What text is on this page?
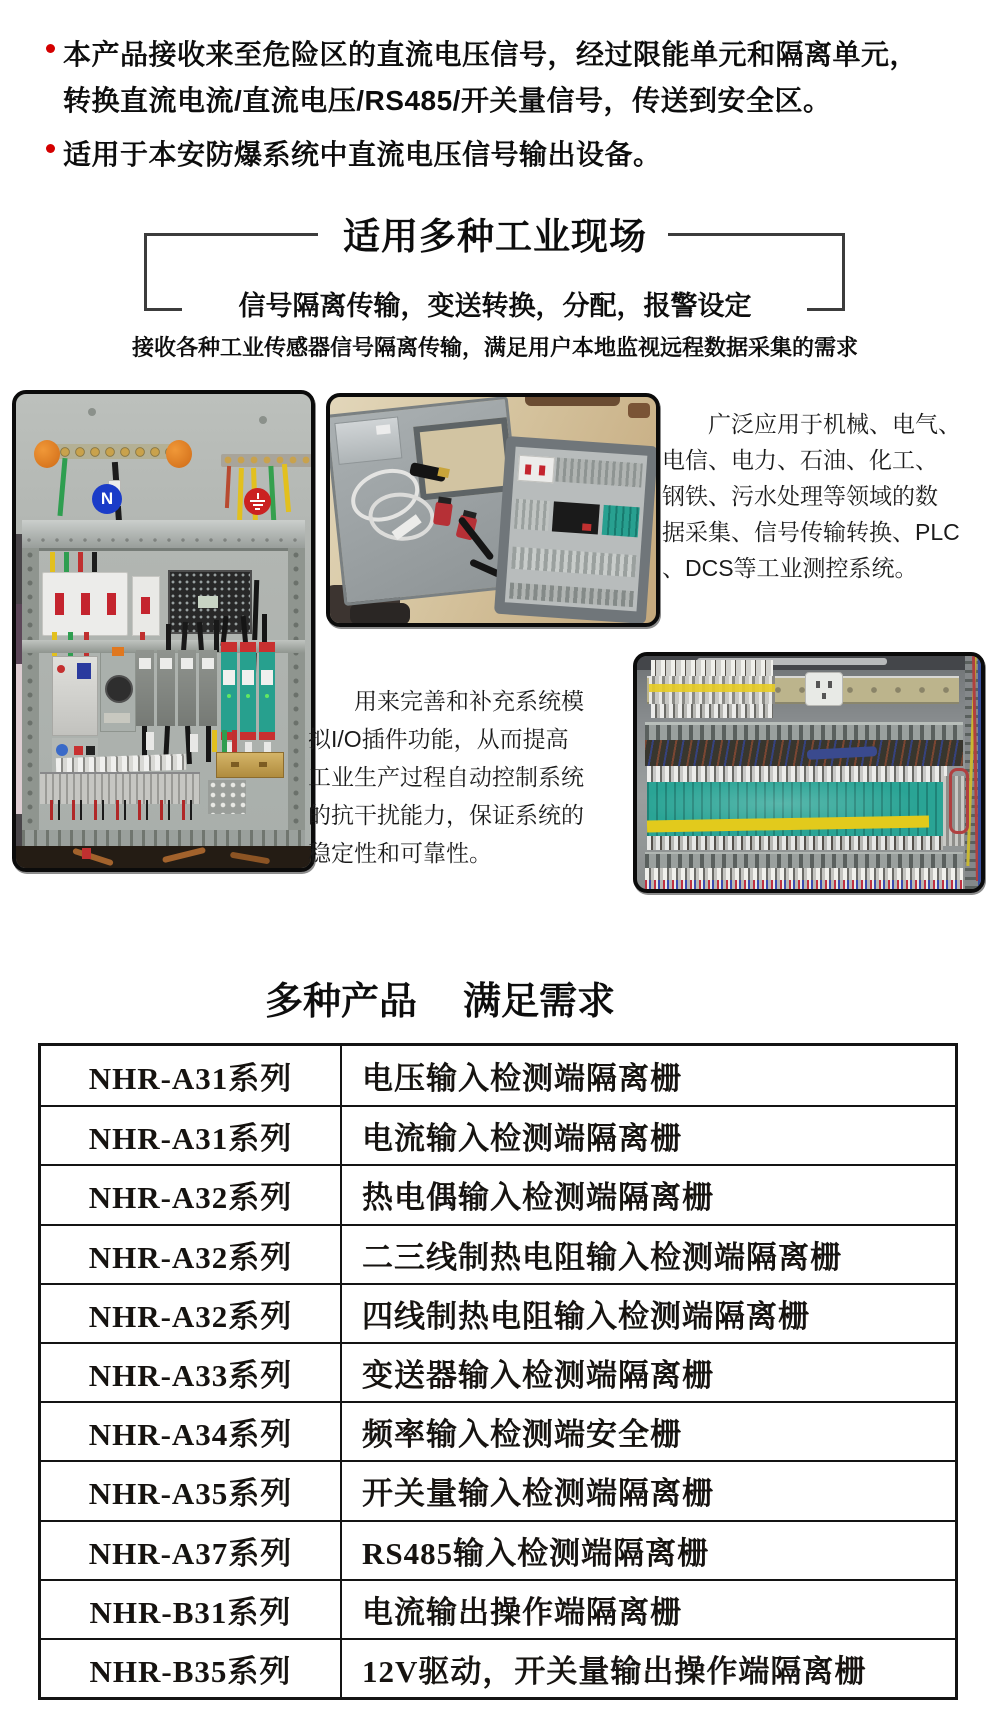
本产品接收来至危险区的直流电压信号，经过限能单元和隔离单元，
转换直流电流/直流电压/RS485/开关量信号，传送到安全区。
适用于本安防爆系统中直流电压信号输出设备。
适用多种工业现场
信号隔离传输，变送转换，分配，报警设定
接收各种工业传感器信号隔离传输，满足用户本地监视远程数据采集的需求
N
广泛应用于机械、电气、
电信、电力、石油、化工、
钢铁、污水处理等领域的数
据采集、信号传输转换、PLC
、DCS等工业测控系统。
用来完善和补充系统模
拟I/O插件功能，从而提高
工业生产过程自动控制系统
的抗干扰能力，保证系统的
稳定性和可靠性。
多种产品 满足需求
NHR-A31系列	电压输入检测端隔离栅
NHR-A31系列	电流输入检测端隔离栅
NHR-A32系列	热电偶输入检测端隔离栅
NHR-A32系列	二三线制热电阻输入检测端隔离栅
NHR-A32系列	四线制热电阻输入检测端隔离栅
NHR-A33系列	变送器输入检测端隔离栅
NHR-A34系列	频率输入检测端安全栅
NHR-A35系列	开关量输入检测端隔离栅
NHR-A37系列	RS485输入检测端隔离栅
NHR-B31系列	电流输出操作端隔离栅
NHR-B35系列	12V驱动，开关量输出操作端隔离栅
